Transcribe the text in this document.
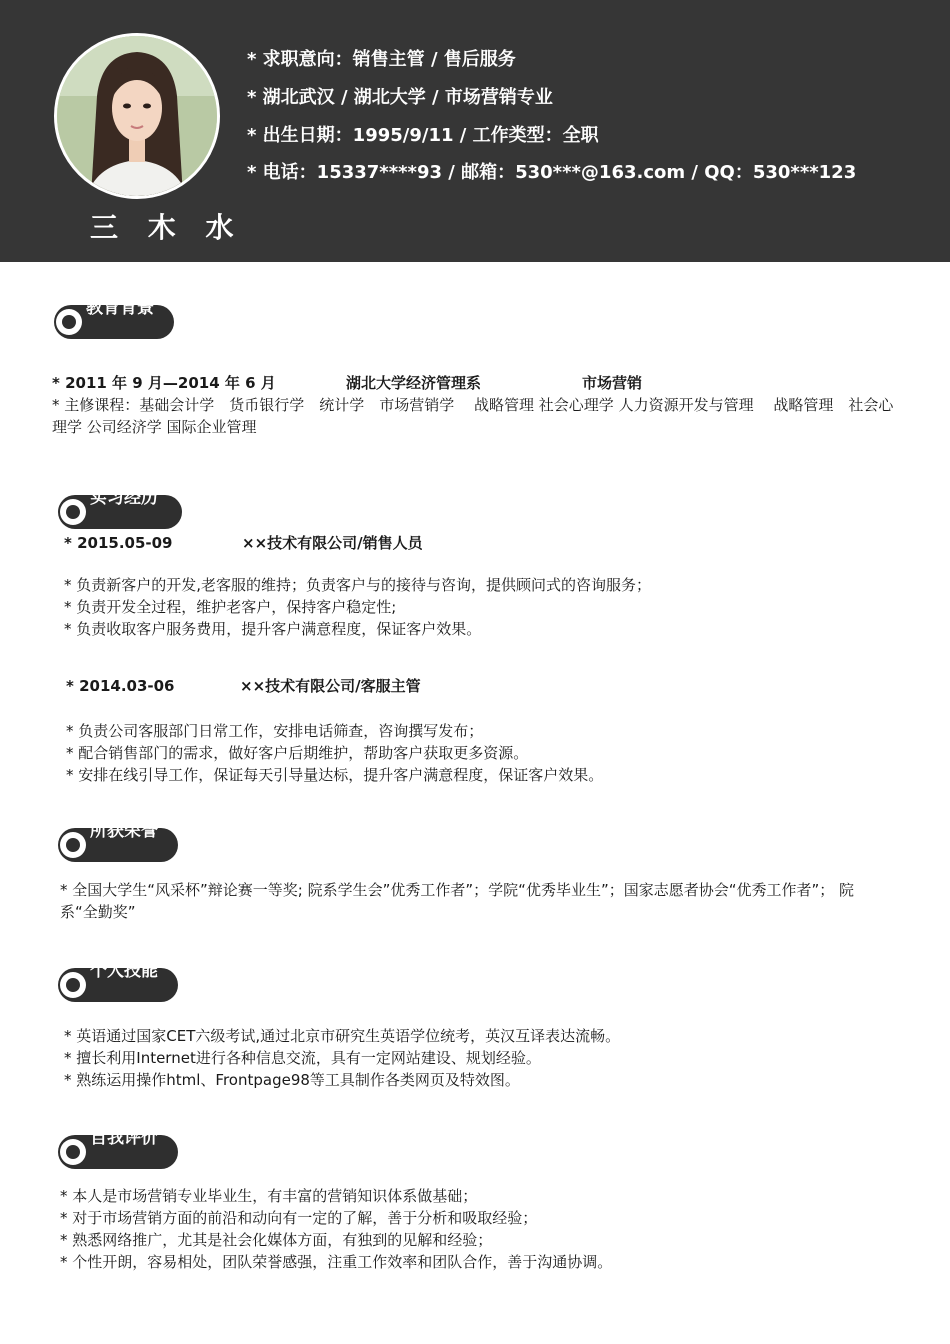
三 木 水
* 求职意向：销售主管 / 售后服务
* 湖北武汉 / 湖北大学 / 市场营销专业
* 出生日期：1995/9/11 / 工作类型：全职
* 电话：15337****93 / 邮箱：530***@163.com / QQ：530***123
教育背景
* 2011 年 9 月—2014 年 6 月	湖北大学经济管理系	市场营销
* 主修课程：基础会计学　货币银行学　统计学　市场营销学　 战略管理 社会心理学 人力资源开发与管理 　战略管理　社会心理学 公司经济学 国际企业管理
实习经历
* 2015.05-09	××技术有限公司/销售人员
* 负责新客户的开发,老客服的维持；负责客户与的接待与咨询，提供顾问式的咨询服务；
* 负责开发全过程，维护老客户，保持客户稳定性;
* 负责收取客户服务费用，提升客户满意程度，保证客户效果。
* 2014.03-06	××技术有限公司/客服主管
* 负责公司客服部门日常工作，安排电话筛查，咨询撰写发布；
* 配合销售部门的需求，做好客户后期维护，帮助客户获取更多资源。
* 安排在线引导工作，保证每天引导量达标，提升客户满意程度，保证客户效果。
所获荣誉
* 全国大学生“风采杯”辩论赛一等奖; 院系学生会”优秀工作者”；学院“优秀毕业生”；国家志愿者协会“优秀工作者”； 院系“全勤奖”
个人技能
* 英语通过国家CET六级考试,通过北京市研究生英语学位统考，英汉互译表达流畅。
* 擅长利用Internet进行各种信息交流，具有一定网站建设、规划经验。
* 熟练运用操作html、Frontpage98等工具制作各类网页及特效图。
自我评价
* 本人是市场营销专业毕业生，有丰富的营销知识体系做基础；
* 对于市场营销方面的前沿和动向有一定的了解，善于分析和吸取经验；
* 熟悉网络推广，尤其是社会化媒体方面，有独到的见解和经验；
* 个性开朗，容易相处，团队荣誉感强，注重工作效率和团队合作，善于沟通协调。
